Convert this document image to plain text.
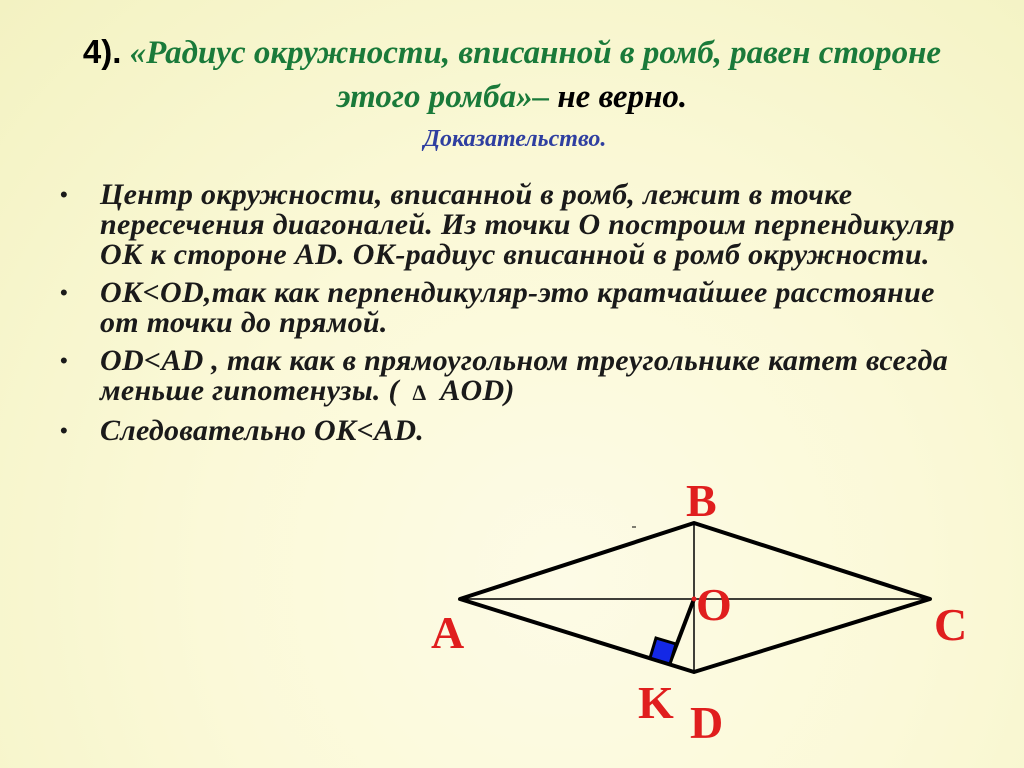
4). «Радиус окружности, вписанной в ромб, равен стороне этого ромба»– не верно.
Доказательство.
• Центр окружности, вписанной в ромб, лежит в точке пересечения диагоналей. Из точки О построим перпендикуляр ОК к стороне АD. ОК-радиус вписанной в ромб окружности.
• ОК<OD,так как перпендикуляр-это кратчайшее расстояние от точки до прямой.
• OD<AD , так как в прямоугольном треугольнике катет всегда меньше гипотенузы. ( ∆ AOD)
• Следовательно ОК<AD.
B
O
A	C
K D
